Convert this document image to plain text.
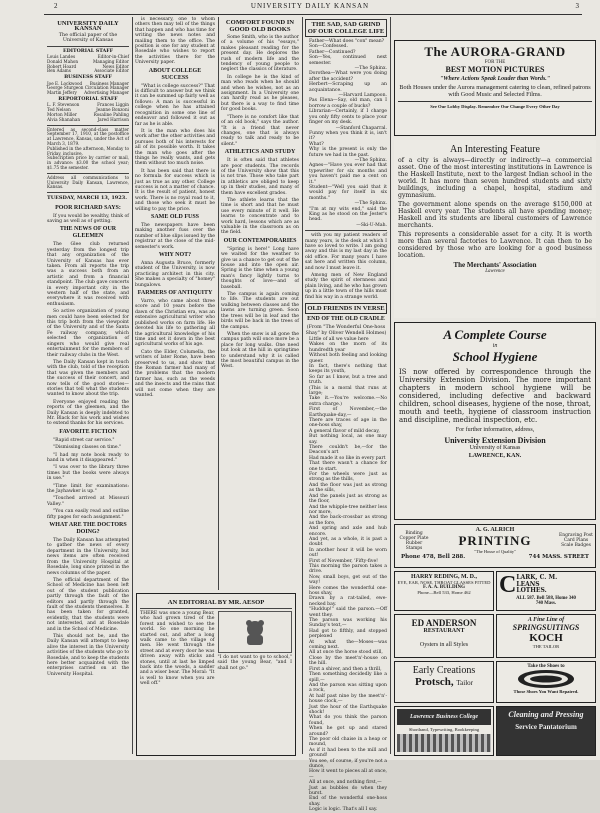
2	UNIVERSITY DAILY KANSAN	3
UNIVERSITY DAILY KANSAN
The official paper of the University of Kansas
EDITORIAL STAFF
Louis Landes	Editor-in-Chief
Donald Mahon	Managing Editor
Robert Hoard	News Editor
Ben Adams	Associate Editor
BUSINESS STAFF
Joe E. Lockwood Business Manager
George Sturgeon Circulation Manager
Martin Jeffery Advertising Manager
REPORTORIAL STAFF
L. F. Stevenson	Frances Liggin
Ted Nelson	Jeanne Bonzoni
Morton Miller	Rosaline Pahling
Alvia Shanahan	Jared Harrison
Entered as second-class matter September 17, 1910, at the postoffice at Lawrence, Kansas, under the Act of March 3, 1879.
Published in the afternoon, Monday to Friday, inclusive.
Subscription price by carrier or mail, in advance: $3.00 the school year; $1.75 the semester.
Address all communications to University Daily Kansan, Lawrence, Kansas.
TUESDAY, MARCH 13, 1923.
POOR RICHARD SAYS:

If you would be wealthy, think of saving as well as of getting.

THE NEWS OF OUR GLEEMEN

The Glee club returned yesterday from the longest trip that any organization of the University of Kansas has ever taken. From all reports the trip was a success both from an artistic and from a financial standpoint. The club gave concerts in every important city in the western half of the state, and everywhere it was received with enthusiasm.

So active organization of young men could have been selected for this trip both from the viewpoint of the University and of the Santa Fe railway company, which selected the organization of singers who would give real entertainment for the members of their railway clubs in the West.

The Daily Kansan kept in touch with the club, told of the reception that was given the members and the success of their concert, and now tells of the good stories—stories that tell what the students wanted to know about the trip.

Everyone enjoyed reading the reports of the gleemen, and the Daily Kansan is deeply indebted to Mr. Black for his work and wishes to extend thanks for his services.

FAVORITE FICTION

"Rapid street car service."

"Dismissing classes on time."

"I had my note book ready to hand in when it disappeared."

"I was over to the library three times but the books were always in use."

"Time limit for examinations: the Jayhawker is up."

"Touched arrived at Missouri Valley."

"You can easily read and outline fifty pages for each assignment."

WHAT ARE THE DOCTORS DOING?

The Daily Kansan has attempted to gather the news of every department in the University, but news items are often received from the University Hospital at Rosedale, long since printed in the news columns of the paper.

The official department of the School of Medicine has been left out of the student publication partly through the fault of the editors and partly through the fault of the students themselves. It has been taken for granted, evidently, that the students were not interested, and at Rosedale and in the School of Medicine.

This should not be, and the Daily Kansan will attempt to keep alive the interest in the University activities of the students who go to Rosedale, and to keep the students here better acquainted with the enterprises carried on at the University Hospital.

is necessary, one to whom others then may tell of the things that happen and who has time for writing the news notes and mailing them to the office. The position is one for any student at Rosedale who wishes to report the activities there for the University paper.

ABOUT COLLEGE SUCCESS

"What is college success?" That is difficult to answer but we think it can be summed up fairly well as follows: A man is successful in college when he has attained recognition in some one line of endeavor and followed it out as far as he is able.

It is the man who does his work after the other activities and pursues both of his interests for all of its possible worth. It takes the man who goes after the things he really wants, and gets them without too much noise.

It has been said that there is no formula for success which is just as true as any other. College success is not a matter of chance. It is the result of patient, honest work. There is no royal road to it, and those who seek it must be willing to pay the price.

SAME OLD FUSS

The newspapers have been making another fuss over the number of blue slips issued by the registrar at the close of the mid-semester's work.

WHY NOT?

Anna Augusta Bruce, formerly student of the University, is now practicing architect in this city. She makes a specialty of "homey" bungalows.

FARMERS OF ANTIQUITY

Varro, who came about three score and 10 years before the dawn of the Christian era, was an extensive agricultural writer who published works on farm life. He devoted his life to gathering all the agricultural knowledge of his time and set it down in the best agricultural works of his age.

Cato the Elder, Columella, the writers of later Rome, have been preserved to us, and show that the Roman farmer had many of the problems that the modern farmer has, such as the weeds and the insects and the rains that will not come when they are wanted.

AN EDITORIAL BY MR. AESOP
THERE was once a young Bear, who had grown tired of the forest and wished to see the world. So one morning he started out, and after a long walk came to the village of men. He went through the street and at every door he was driven away with sticks and stones, until at last he limped back into the woods, a sadder and a wiser bear. The Moral: "It is well to know when you are well off."
"I do not want to go to school," said the young Bear, "and I shall not go."
COMFORT FOUND IN GOOD OLD BOOKS

Some Smith, who is the author of a volume of his "essays," makes pleasant reading for the present day. He deplores the rush of modern life and the tendency of young people to neglect the classics of literature.

In college he is the kind of man who reads when he should and when he wishes, not as an assignment. In a University one can hardly read as he pleases, but there is a way to find time for good books.

"There is no comfort like that of an old book," says the author. "It is a friend that never changes, one that is always ready to talk and ready to be silent."

ATHLETICS AND STUDY

It is often said that athletes are poor students. The records of the University show that this is not true. Those who take part in athletics are obliged to keep up in their studies, and many of them have excellent grades.

The athlete learns that the time is short and that he must use every minute of it well. He learns to concentrate and to work hard, lessons which are as valuable in the classroom as on the field.

OUR CONTEMPORARIES

"Spring is here!" Long have we waited for the weather to give us a chance to get out of the house and into the open air. Spring is the time when a young man's fancy lightly turns to thoughts of love—and of baseball.

The campus is again coming to life. The students are out walking between classes and the lawns are turning green. Soon the trees will be in leaf and the birds will be back in the trees of the campus.

When the snow is all gone the campus path will once more be a place for long walks. One need but look at the hill in springtime to understand why it is called the most beautiful campus in the West.

THE SAD, SAD GRIND OF OUR COLLEGE LIFE
Father—What does "con" mean?
Son—Confessed.
Father—Continued?
Son—Yes, continued next semester.
—The Sphinx.
Dorothea—What were you doing after the accident?
Herbert—Scraping up an acquaintance.
—Harvard Lampoon.
Pas Elena—Say, old man, can I borrow a couple of bucks?
Librarian—Certainly, if I charge you only fifty cents to place your finger on my desk.
—Stanford Chaparral.
Funny when you think it is, isn't it?
What?
Why is the present is only the future we had in the past.
—The Sphinx.
Agnes—"Have you ever had that typewriter for six months and you haven't paid me a cent on it."
Student—"Well you said that it would pay for itself in six months."
—The Sphinx.
"I'm at my wits end," said the King as he stood on the Jester's head.
—Ski-U-Mah.

with you my patient readers of many years, is the desk at which I have so loved to write. I am going away and this is my last day in the old office. For many years I have sat here and written this column, and now I must leave it.

Among men of New England study the spirit of sternness and plain living, and he who has grown up in a little town of the hills must find his way in a strange world.

OLD FRIENDS IN VERSE
END OF THE OLD CRADLE
(From "The Wonderful One-hoss Shay" by Oliver Wendell Holmes)
Little of all we value here
Wakes on the morn of its hundredth year
Without both feeling and looking queer.
In fact, there's nothing that keeps its youth,
So far as I know, but a tree and truth.
(This is a moral that runs at large;
Take it.—You're welcome.—No extra charge.)
First of November,—the Earthquake-day,—
There are traces of age in the one-hoss shay,
A general flavor of mild decay,
But nothing local, as one may say.
There couldn't be,—for the Deacon's art
Had made it so like in every part
That there wasn't a chance for one to start.
For the wheels were just as strong as the thills,
And the floor was just as strong as the sills,
And the panels just as strong as the floor,
And the whipple-tree neither less nor more,
And the back-crossbar as strong as the fore,
And spring and axle and hub encore.
And yet, as a whole, it is past a doubt
In another hour it will be worn out!
First of November, 'Fifty-five!
This morning the parson takes a drive.
Now, small boys, get out of the way!
Here comes the wonderful one-hoss shay,
Drawn by a rat-tailed, ewe-necked bay.
"Huddup!" said the parson.—Off went they.
The parson was working his Sunday's text,—
Had got to fifthly, and stopped perplexed
At what the—Moses—was coming next.
All at once the horse stood still,
Close by the meet'n'-house on the hill.
First a shiver, and then a thrill,
Then something decidedly like a spill,—
And the parson was sitting upon a rock,
At half past nine by the meet'n'-house clock,—
Just the hour of the Earthquake shock!
What do you think the parson found,
When he got up and stared around?
The poor old chaise in a heap or mound,
As if it had been to the mill and ground!
You see, of course, if you're not a dunce,
How it went to pieces all at once,—
All at once, and nothing first,—
Just as bubbles do when they burst.
End of the wonderful one-hoss shay.
Logic is logic. That's all I say.
The AURORA-GRAND
FOR THE
BEST MOTION PICTURES
"Where Actions Speak Louder than Words."
Both Houses under the Aurora management catering to clean, refined patrons with Good Music and Selected Films.
See Our Lobby Display. Remember Our Change Every Other Day
An Interesting Feature
of a city is always—directly or indirectly—a commercial asset. One of the most interesting institutions in Lawrence is the Haskell Institute, next to the largest Indian school in the world. It has more than seven hundred students and sixty buildings, including a chapel, hospital, stadium and gymnasium.
The government alone spends on the average $150,000 at Haskell every year. The students all have spending money; Haskell and its students are liberal customers of Lawrence merchants.
This represents a considerable asset for a city. It is worth more than several factories to Lawrence. It can then to be considered by those who are looking for a good business location.
The Merchants' Association
Lawrence
A Complete Course
in
School Hygiene
IS now offered by correspondence through the University Extension Division. The more important chapters in modern school hygiene will be considered, including defective and backward children, school diseases, hygiene of the nose, throat, mouth and teeth, hygiene of classroom instruction and discipline, medical inspection, etc.
For further information, address,
University Extension Division
University of Kansas
LAWRENCE, KAN.
Binding Copper Plate Rubber Stamps
A. G. ALRICH
PRINTING
"The House of Quality"
Engraving Post Card Plans Scale Badges
Phone 478, Bell 288.	744 MASS. STREET
HARRY REDING, M. D.,
EYE, EAR, NOSE, THROAT GLASSES FITTED
F. A. A. BUILDING
Phone—Bell 533, Home 462	C LARK, C. M.
LEANS
LOTHES.
ALL 587. Bell 588, Home 340
740 Mass.
ED ANDERSON
RESTAURANT
Oysters in all Styles
A Fine Line of
SPRINGSUITINGS
KOCH
THE TAILOR
Early Creations
Protsch, Tailor
Take the Shoes to
Those Shoes You Want Repaired.
Lawrence Business College
Shorthand, Typewriting, Bookkeeping
Cleaning and Pressing
Service Pantatorium
